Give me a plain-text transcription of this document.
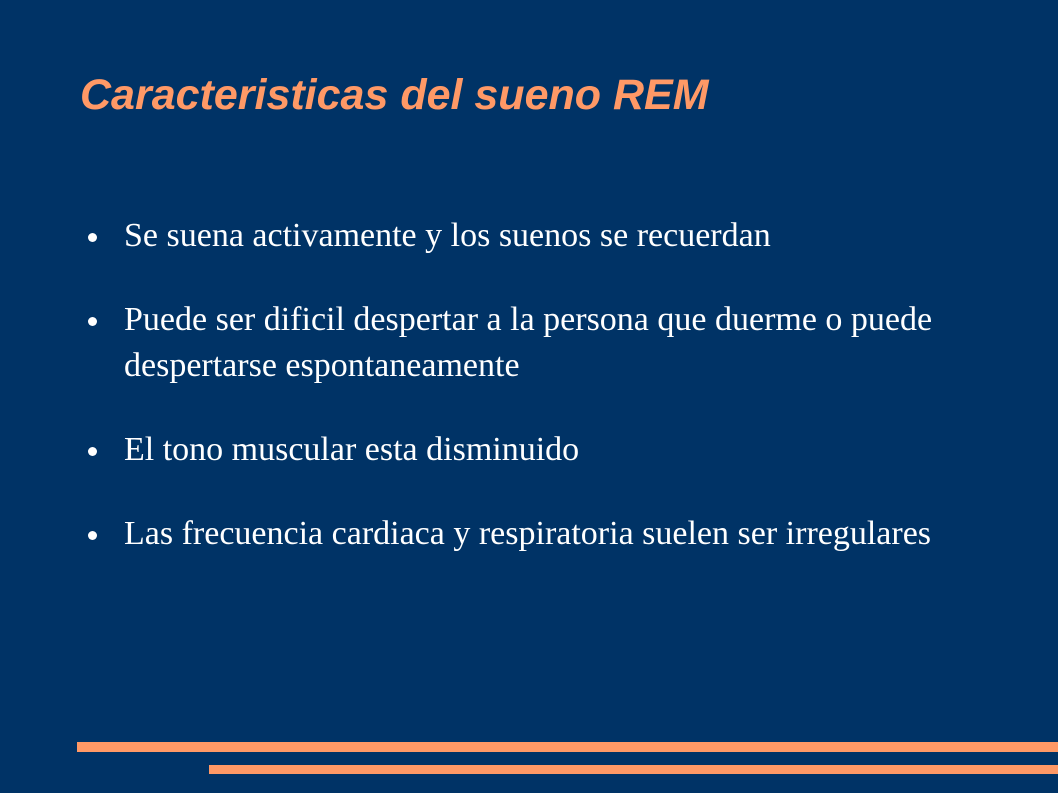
Caracteristicas del sueno REM
Se suena activamente y los suenos se recuerdan
Puede ser dificil despertar a la persona que duerme o puede despertarse espontaneamente
El tono muscular esta disminuido
Las frecuencia cardiaca y respiratoria suelen ser irregulares
